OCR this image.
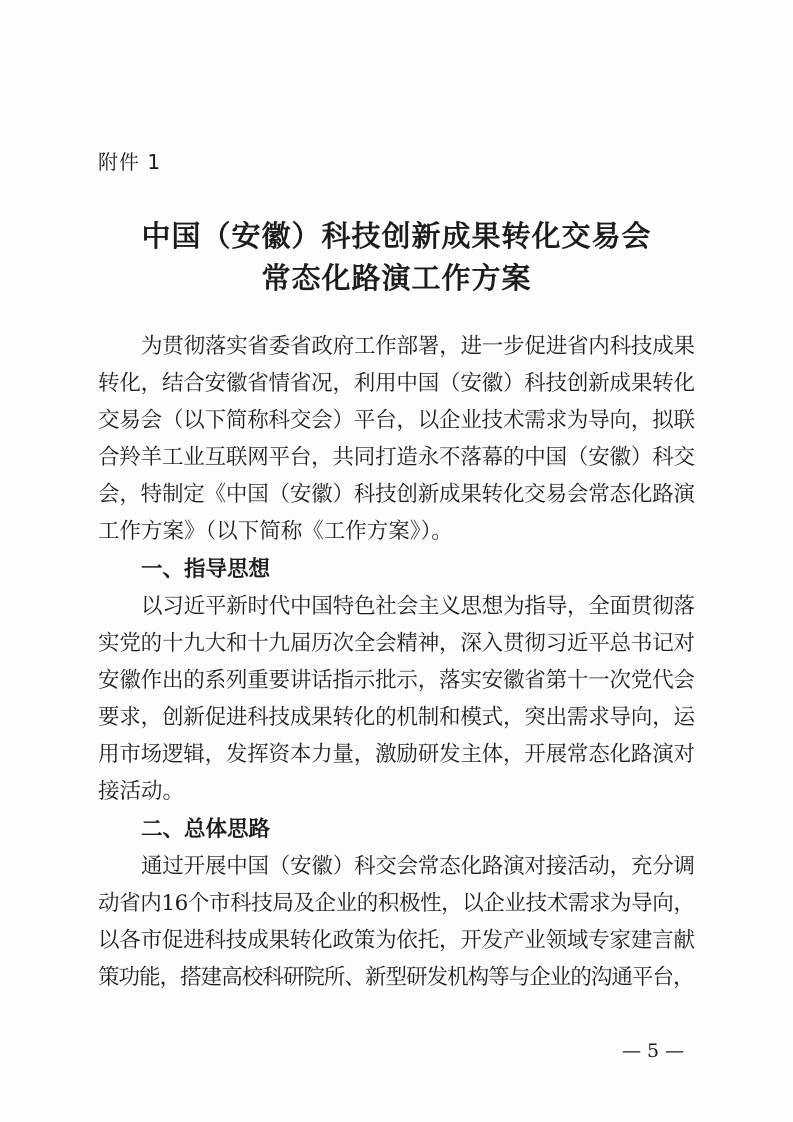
附件 1
中国（安徽）科技创新成果转化交易会
常态化路演工作方案
为贯彻落实省委省政府工作部署，进一步促进省内科技成果
转化，结合安徽省情省况，利用中国（安徽）科技创新成果转化
交易会（以下简称科交会）平台，以企业技术需求为导向，拟联
合羚羊工业互联网平台，共同打造永不落幕的中国（安徽）科交
会，特制定《中国（安徽）科技创新成果转化交易会常态化路演
工作方案》（以下简称《工作方案》）。
一、指导思想
以习近平新时代中国特色社会主义思想为指导，全面贯彻落
实党的十九大和十九届历次全会精神，深入贯彻习近平总书记对
安徽作出的系列重要讲话指示批示，落实安徽省第十一次党代会
要求，创新促进科技成果转化的机制和模式，突出需求导向，运
用市场逻辑，发挥资本力量，激励研发主体，开展常态化路演对
接活动。
二、总体思路
通过开展中国（安徽）科交会常态化路演对接活动，充分调
动省内16个市科技局及企业的积极性，以企业技术需求为导向，
以各市促进科技成果转化政策为依托，开发产业领域专家建言献
策功能，搭建高校科研院所、新型研发机构等与企业的沟通平台，
— 5 —
